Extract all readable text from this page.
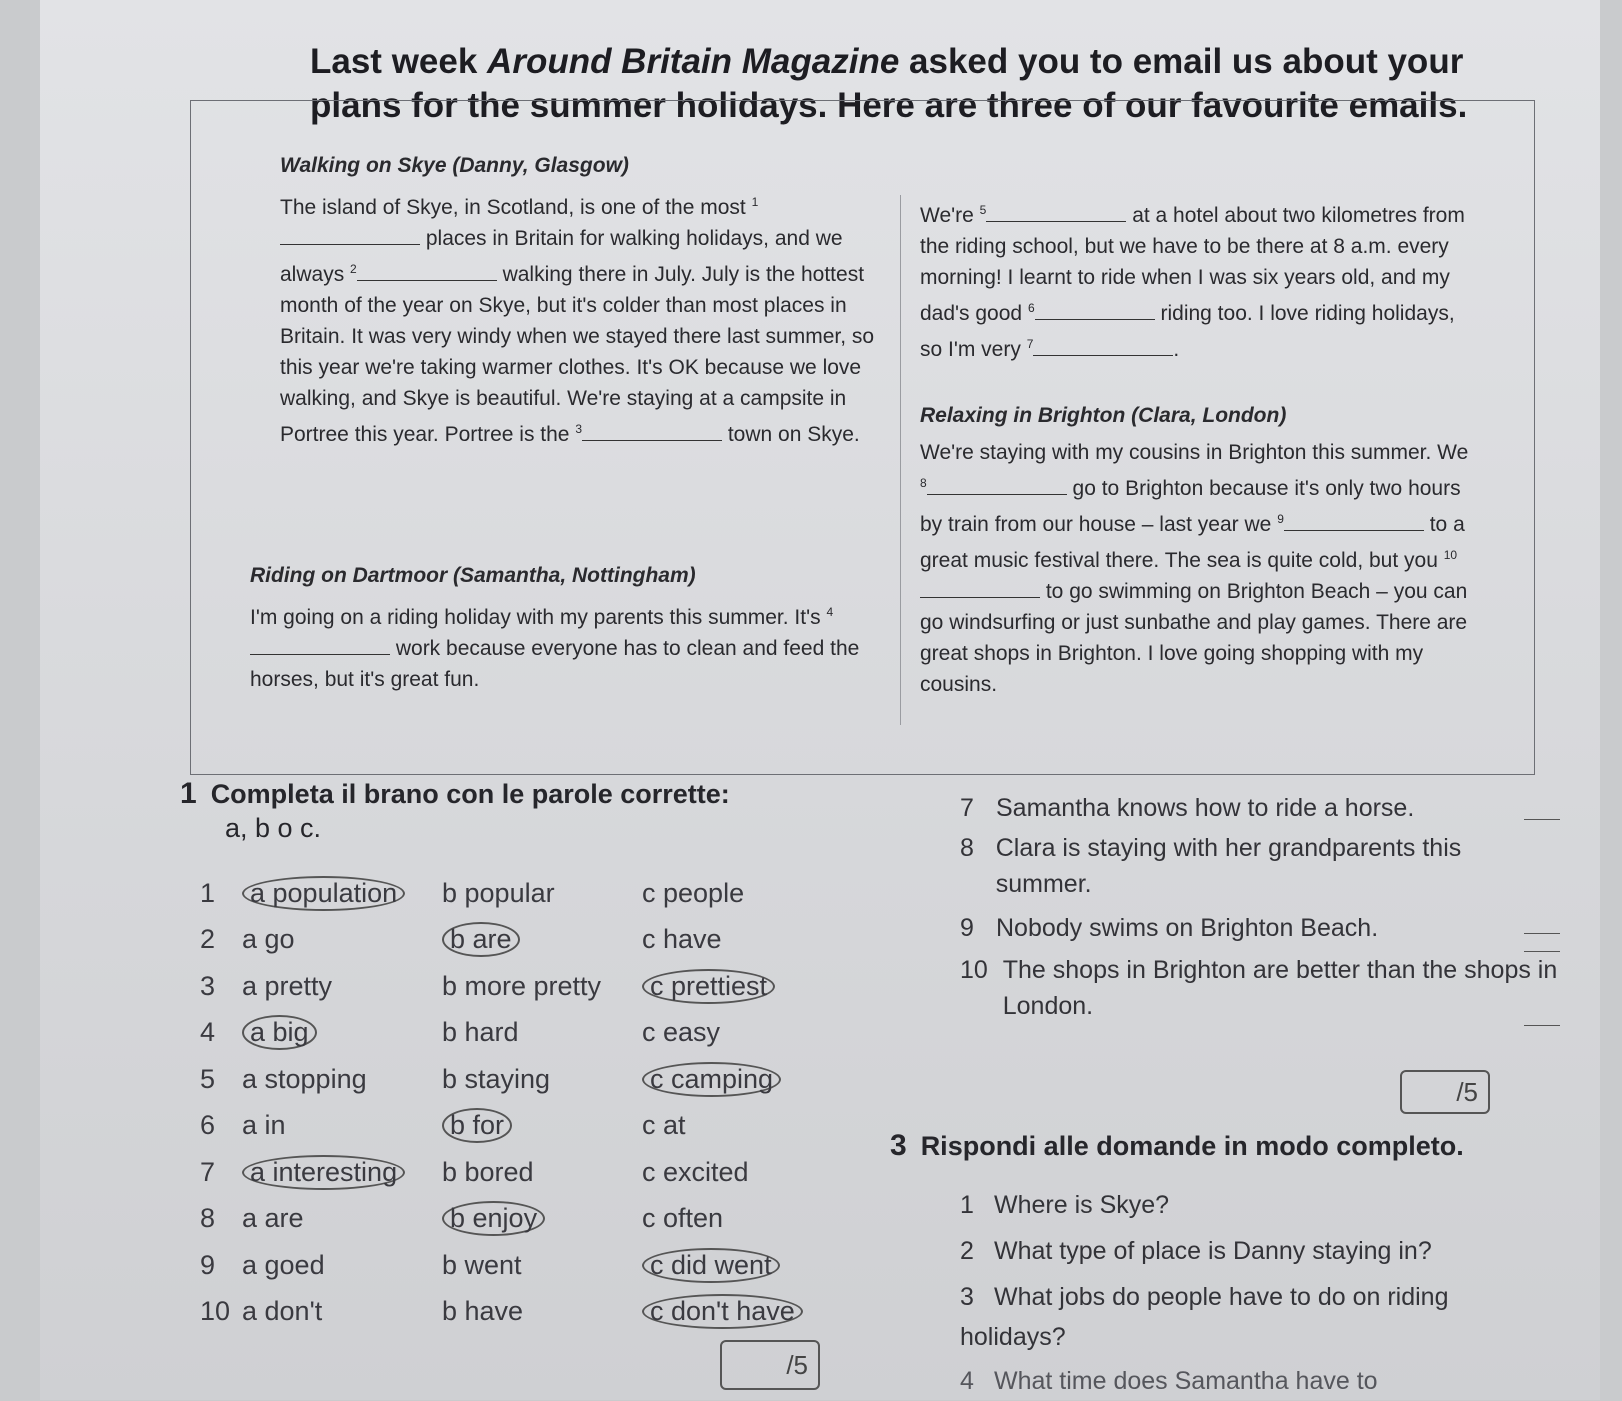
Last week Around Britain Magazine asked you to email us about your plans for the summer holidays. Here are three of our favourite emails.

Walking on Skye (Danny, Glasgow)

The island of Skye, in Scotland, is one of the most $^1$ places in Britain for walking holidays, and we always $^2$	walking there in July. July is the hottest month of the year on Skye, but it's colder than most places in Britain. It was very windy when we stayed there last summer, so this year we're taking warmer clothes. It's OK because we love walking, and Skye is beautiful. We're staying at a campsite in Portree this year. Portree is the $^3$	town on Skye.

Riding on Dartmoor (Samantha, Nottingham)

I'm going on a riding holiday with my parents this summer. It's $^4$ work because everyone has to clean and feed the horses, but it's great fun.

We're $^5$	at a hotel about two kilometres from the riding school, but we have to be there at 8 a.m. every morning! I learnt to ride when I was six years old, and my dad's good $^6$	riding too. I love riding holidays, so I'm very $^7$	.

Relaxing in Brighton (Clara, London)

We're staying with my cousins in Brighton this summer. We $^8$	go to Brighton because it's only two hours by train from our house – last year we $^9$	to a great music festival there. The sea is quite cold, but you $^{10}$ to go swimming on Brighton Beach – you can go windsurfing or just sunbathe and play games. There are great shops in Brighton. I love going shopping with my cousins.

1 Completa il brano con le parole corrette:
a, b o c.
1	a population b popular	c people
2 a go	b are	c have
3 a pretty	b more pretty	c prettiest
4	a big	b hard	c easy
5 a stopping	b staying	c camping
6 a in	b for	c at
7	a interesting b bored	c excited
8 a are	b enjoy	c often
9 a goed	b went	c did went
10 a don't	b have	c don't have
/5
7 Samantha knows how to ride a horse.
8 Clara is staying with her grandparents this summer.
9 Nobody swims on Brighton Beach.
10 The shops in Brighton are better than the shops in London.
/5
3 Rispondi alle domande in modo completo.
1 Where is Skye?
2 What type of place is Danny staying in?
3 What jobs do people have to do on riding holidays?
4 What time does Samantha have to
